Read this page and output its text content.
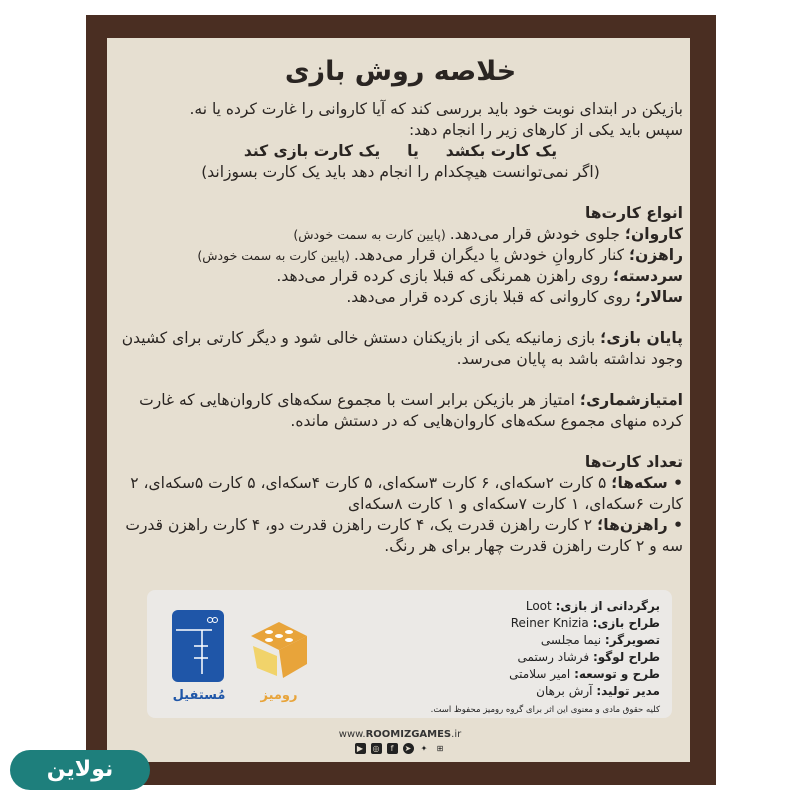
خلاصه روش بازی
بازیکن در ابتدای نوبت خود باید بررسی کند که آیا کاروانی را غارت کرده یا نه.
سپس باید یکی از کارهای زیر را انجام دهد:
یک کارت بکشد     یا     یک کارت بازی کند
(اگر نمی‌توانست هیچکدام را انجام دهد باید یک کارت بسوزاند)
انواع کارت‌ها
کاروان؛ جلوی خودش قرار می‌دهد. (پایین کارت به سمت خودش)
راهزن؛ کنار کاروانِ خودش یا دیگران قرار می‌دهد. (پایین کارت به سمت خودش)
سردسته؛ روی راهزن همرنگی که قبلا بازی کرده قرار می‌دهد.
سالار؛ روی کاروانی که قبلا بازی کرده قرار می‌دهد.
پایان بازی؛ بازی زمانیکه یکی از بازیکنان دستش خالی شود و دیگر کارتی برای کشیدن وجود نداشته باشد به پایان می‌رسد.
امتیازشماری؛ امتیاز هر بازیکن برابر است با مجموع سکه‌های کاروان‌هایی که غارت کرده منهای مجموع سکه‌های کاروان‌هایی که در دستش مانده.
تعداد کارت‌ها
• سکه‌ها؛ ۵ کارت ۲سکه‌ای، ۶ کارت ۳سکه‌ای، ۵ کارت ۴سکه‌ای، ۵ کارت ۵سکه‌ای، ۲ کارت ۶سکه‌ای، ۱ کارت ۷سکه‌ای و ۱ کارت ۸سکه‌ای
• راهزن‌ها؛ ۲ کارت راهزن قدرت یک، ۴ کارت راهزن قدرت دو، ۴ کارت راهزن قدرت سه و ۲ کارت راهزن قدرت چهار برای هر رنگ.
برگردانی از بازی: Loot
طراح بازی: Reiner Knizia
تصویرگر: نیما مجلسی
طراح لوگو: فرشاد رستمی
طرح و توسعه: امیر سلامتی
مدیر تولید: آرش برهان
کلیه حقوق مادی و معنوی این اثر برای گروه رومیز محفوظ است.
مُستفیل	رومیز
www.ROOMIZGAMES.ir
▶	◎	f	➤ ✦ ⊞
نولاین
